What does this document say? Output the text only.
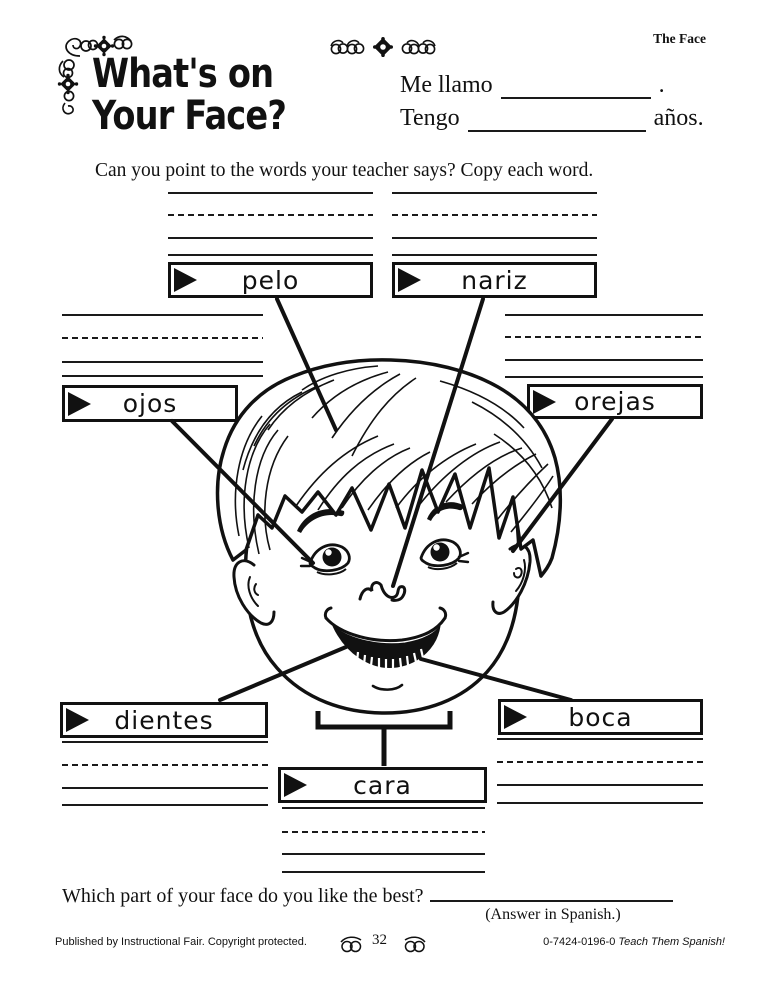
The Face
What's on
Your Face?
Me llamo	.
Tengo	años.
Can you point to the words your teacher says? Copy each word.
pelo	nariz
ojos	orejas
dientes	boca
cara
Which part of your face do you like the best?
(Answer in Spanish.)
Published by Instructional Fair. Copyright protected.	32	0-7424-0196-0 Teach Them Spanish!
